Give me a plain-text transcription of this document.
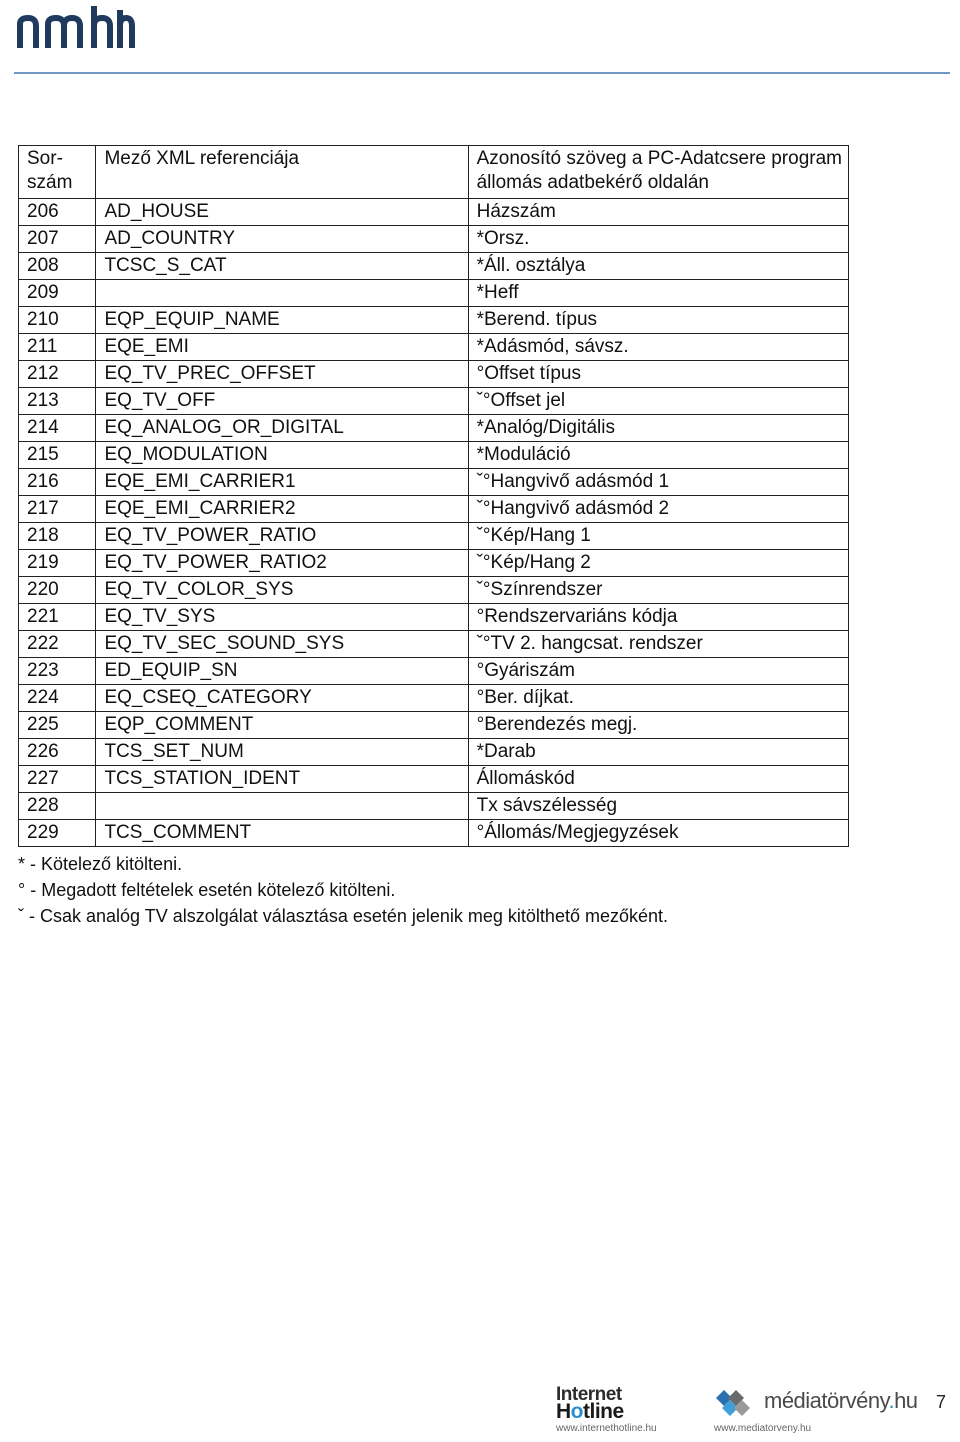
Sor-
szám	Mező XML referenciája	Azonosító szöveg a PC-Adatcsere program
állomás adatbekérő oldalán

206	AD_HOUSE	Házszám
207	AD_COUNTRY	*Orsz.
208	TCSC_S_CAT	*Áll. osztálya
209		*Heff
210	EQP_EQUIP_NAME	*Berend. típus
211	EQE_EMI	*Adásmód, sávsz.
212	EQ_TV_PREC_OFFSET	°Offset típus
213	EQ_TV_OFF	ˇ°Offset jel
214	EQ_ANALOG_OR_DIGITAL	*Analóg/Digitális
215	EQ_MODULATION	*Moduláció
216	EQE_EMI_CARRIER1	ˇ°Hangvivő adásmód 1
217	EQE_EMI_CARRIER2	ˇ°Hangvivő adásmód 2
218	EQ_TV_POWER_RATIO	ˇ°Kép/Hang 1
219	EQ_TV_POWER_RATIO2	ˇ°Kép/Hang 2
220	EQ_TV_COLOR_SYS	ˇ°Színrendszer
221	EQ_TV_SYS	°Rendszervariáns kódja
222	EQ_TV_SEC_SOUND_SYS	ˇ°TV 2. hangcsat. rendszer
223	ED_EQUIP_SN	°Gyáriszám
224	EQ_CSEQ_CATEGORY	°Ber. díjkat.
225	EQP_COMMENT	°Berendezés megj.
226	TCS_SET_NUM	*Darab
227	TCS_STATION_IDENT	Állomáskód
228		Tx sávszélesség
229	TCS_COMMENT	°Állomás/Megjegyzések
* - Kötelező kitölteni.
° - Megadott feltételek esetén kötelező kitölteni.
ˇ - Csak analóg TV alszolgálat választása esetén jelenik meg kitölthető mezőként.
Internet
Hotline
www.internethotline.hu
médiatörvény.hu
www.mediatorveny.hu
7
